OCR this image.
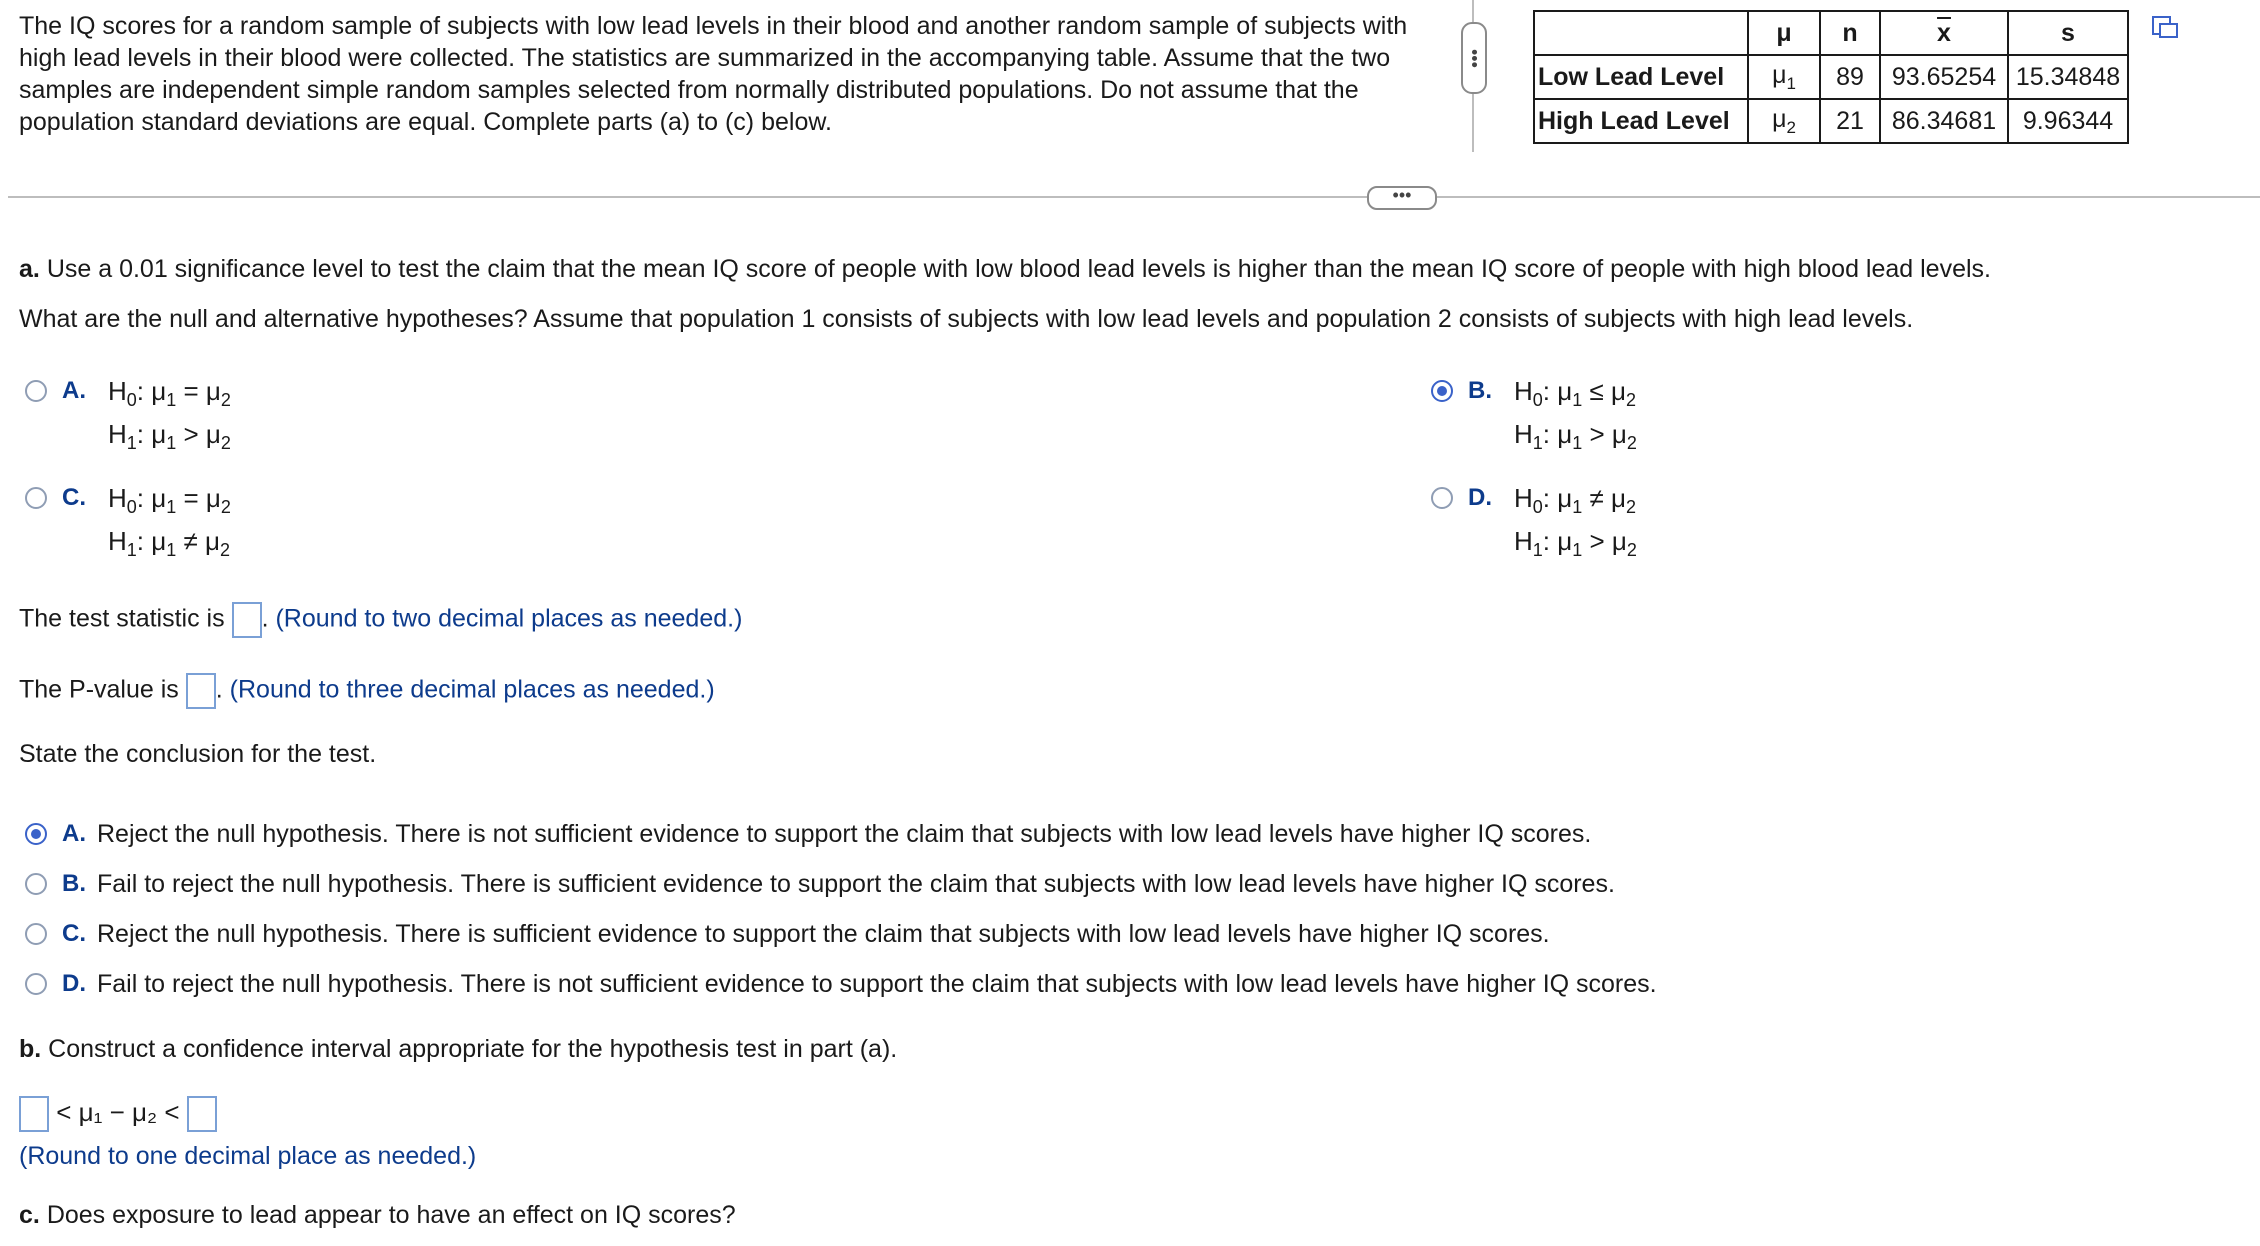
The IQ scores for a random sample of subjects with low lead levels in their blood and another random sample of subjects with high lead levels in their blood were collected. The statistics are summarized in the accompanying table. Assume that the two samples are independent simple random samples selected from normally distributed populations. Do not assume that the population standard deviations are equal. Complete parts (a) to (c) below.
•••
	μ	n	$\overline{x}$	s
Low Lead Level	$\mu_1$	89	93.65254	15.34848
High Lead Level	$\mu_2$	21	86.34681	9.96344
•••
a. Use a 0.01 significance level to test the claim that the mean IQ score of people with low blood lead levels is higher than the mean IQ score of people with high blood lead levels.
What are the null and alternative hypotheses? Assume that population 1 consists of subjects with low lead levels and population 2 consists of subjects with high lead levels.
A. $H_0$: $\mu_1 = \mu_2$
$H_1$: $\mu_1 > \mu_2$
B. $H_0$: $\mu_1 \le \mu_2$
$H_1$: $\mu_1 > \mu_2$
C. $H_0$: $\mu_1 = \mu_2$
$H_1$: $\mu_1 \ne \mu_2$
D. $H_0$: $\mu_1 \ne \mu_2$
$H_1$: $\mu_1 > \mu_2$
The test statistic is . (Round to two decimal places as needed.)
The P-value is . (Round to three decimal places as needed.)
State the conclusion for the test.
A. Reject the null hypothesis. There is not sufficient evidence to support the claim that subjects with low lead levels have higher IQ scores.
B. Fail to reject the null hypothesis. There is sufficient evidence to support the claim that subjects with low lead levels have higher IQ scores.
C. Reject the null hypothesis. There is sufficient evidence to support the claim that subjects with low lead levels have higher IQ scores.
D. Fail to reject the null hypothesis. There is not sufficient evidence to support the claim that subjects with low lead levels have higher IQ scores.
b. Construct a confidence interval appropriate for the hypothesis test in part (a).
< μ₁ − μ₂ <
(Round to one decimal place as needed.)
c. Does exposure to lead appear to have an effect on IQ scores?
